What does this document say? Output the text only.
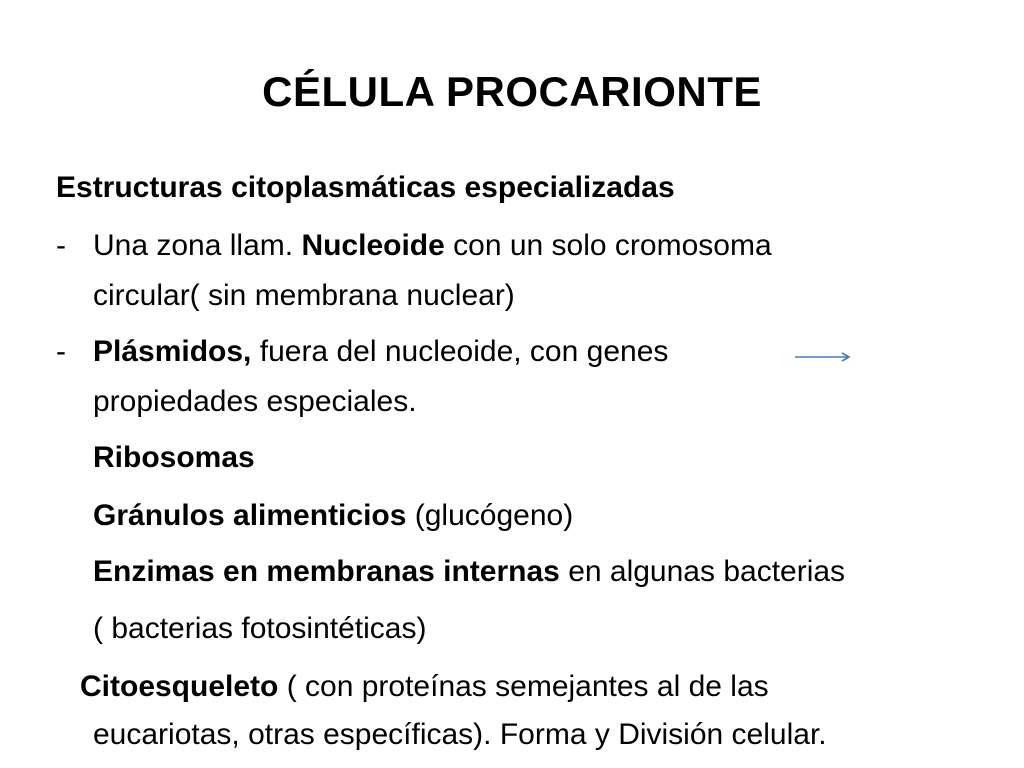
CÉLULA PROCARIONTE
Estructuras citoplasmáticas especializadas
- Una zona llam. Nucleoide con un solo cromosoma
circular( sin membrana nuclear)
- Plásmidos, fuera del nucleoide, con genes
propiedades especiales.
Ribosomas
Gránulos alimenticios (glucógeno)
Enzimas en membranas internas en algunas bacterias
( bacterias fotosintéticas)
Citoesqueleto ( con proteínas semejantes al de las
eucariotas, otras específicas). Forma y División celular.
